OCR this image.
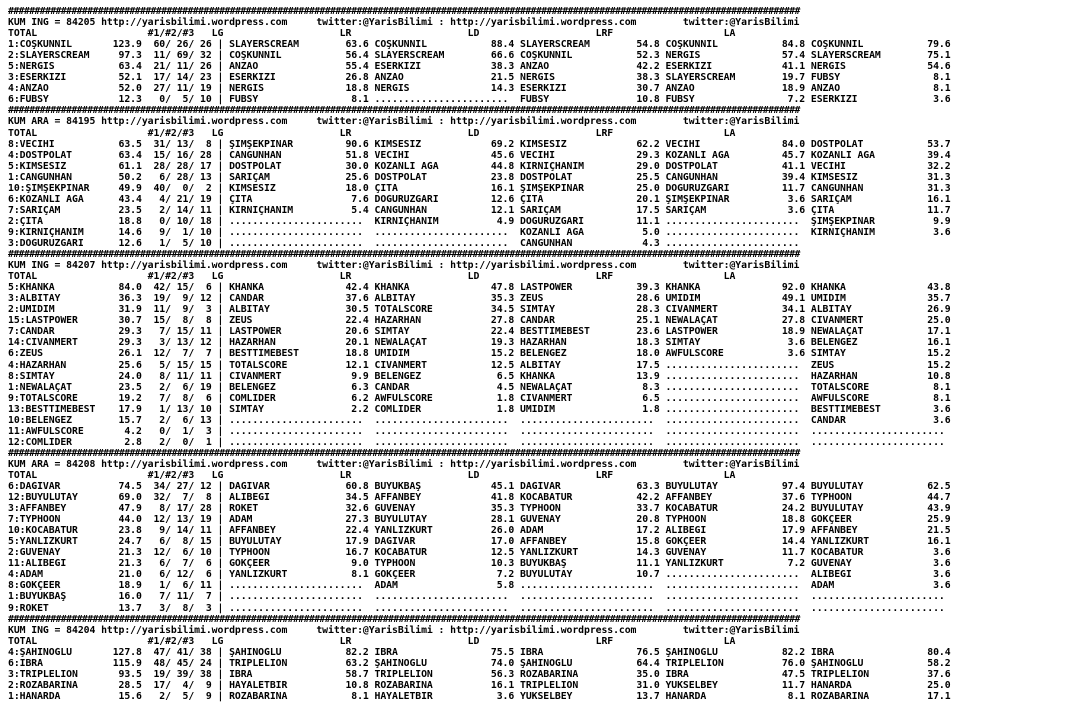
######################################################################################################################################################
KUM ING = 84205 http://yarisbilimi.wordpress.com     twitter:@YarisBilimi : http://yarisbilimi.wordpress.com        twitter:@YarisBilimi
TOTAL                   #1/#2/#3   LG                    LR                    LD                    LRF                   LA
1:COŞKUNNİL       123.9  60/ 26/ 26 | SLAYERSCREAM        63.6 COŞKUNNİL           88.4 SLAYERSCREAM        54.8 COŞKUNNİL           84.8 COŞKUNNİL           79.6
2:SLAYERSCREAM     97.3  11/ 69/ 32 | COŞKUNNİL           56.4 SLAYERSCREAM        66.6 COŞKUNNİL           52.3 NERGİS              57.4 SLAYERSCREAM        75.1
5:NERGİS           63.4  21/ 11/ 26 | ANZAO               55.4 ESERKIZI            38.3 ANZAO               42.2 ESERKIZI            41.1 NERGİS              54.6
3:ESERKIZI         52.1  17/ 14/ 23 | ESERKIZI            26.8 ANZAO               21.5 NERGİS              38.3 SLAYERSCREAM        19.7 FUBSY                8.1
4:ANZAO            52.0  27/ 11/ 19 | NERGİS              18.8 NERGİS              14.3 ESERKIZI            30.7 ANZAO               18.9 ANZAO                8.1
6:FUBSY            12.3   0/  5/ 10 | FUBSY                8.1 .......................  FUBSY               10.8 FUBSY                7.2 ESERKIZI             3.6
######################################################################################################################################################
KUM ARA = 84195 http://yarisbilimi.wordpress.com     twitter:@YarisBilimi : http://yarisbilimi.wordpress.com        twitter:@YarisBilimi
TOTAL                   #1/#2/#3   LG                    LR                    LD                    LRF                   LA
8:VECİHİ           63.5  31/ 13/  8 | ŞİMŞEKPINAR         90.6 KİMSESİZ            69.2 KİMSESİZ            62.2 VECİHİ              84.0 DOSTPOLAT           53.7
4:DOSTPOLAT        63.4  15/ 16/ 28 | CANGÜNHAN           51.8 VECİHİ              45.6 VECİHİ              29.3 KOZANLI AĞA         45.7 KOZANLI AĞA         39.4
5:KİMSESİZ         61.1  28/ 28/ 17 | DOSTPOLAT           30.0 KOZANLI AĞA         44.8 KIRNIÇHANIM         29.0 DOSTPOLAT           41.1 VECİHİ              32.2
1:CANGÜNHAN        50.2   6/ 28/ 13 | SARIÇAM             25.6 DOSTPOLAT           23.8 DOSTPOLAT           25.5 CANGÜNHAN           39.4 KİMSESİZ            31.3
10:ŞİMŞEKPINAR     49.9  40/  0/  2 | KİMSESİZ            18.0 ÇİTA                16.1 ŞİMŞEKPINAR         25.0 DOĞURÜZGARI         11.7 CANGÜNHAN           31.3
6:KOZANLI AĞA      43.4   4/ 21/ 19 | ÇİTA                 7.6 DOĞURÜZGARI         12.6 ÇİTA                20.1 ŞİMŞEKPINAR          3.6 SARIÇAM             16.1
7:SARIÇAM          23.5   2/ 14/ 11 | KIRNIÇHANIM          5.4 CANGÜNHAN           12.1 SARIÇAM             17.5 SARIÇAM              3.6 ÇİTA                11.7
2:ÇİTA             18.8   0/ 10/ 18 | .......................  KIRNIÇHANIM          4.9 DOĞURÜZGARI         11.1 .......................  ŞİMŞEKPINAR          9.9
9:KIRNIÇHANIM      14.6   9/  1/ 10 | .......................  .......................  KOZANLI AĞA          5.0 .......................  KIRNIÇHANIM          3.6
3:DOĞURÜZGARI      12.6   1/  5/ 10 | .......................  .......................  CANGÜNHAN            4.3 .......................
######################################################################################################################################################
KUM ING = 84207 http://yarisbilimi.wordpress.com     twitter:@YarisBilimi : http://yarisbilimi.wordpress.com        twitter:@YarisBilimi
TOTAL                   #1/#2/#3   LG                    LR                    LD                    LRF                   LA
5:KHANKA           84.0  42/ 15/  6 | KHANKA              42.4 KHANKA              47.8 LASTPOWER           39.3 KHANKA              92.0 KHANKA              43.8
3:ALBİTAY          36.3  19/  9/ 12 | CANDAR              37.6 ALBİTAY             35.3 ZEUS                28.6 ÜMİDİM              49.1 ÜMİDİM              35.7
2:ÜMİDİM           31.9  11/  9/  3 | ALBİTAY             30.5 TOTALSCORE          34.5 SİMTAY              28.3 CİVANMERT           34.1 ALBİTAY             26.9
15:LASTPOWER       30.7  15/  8/  8 | ZEUS                22.4 HAZARHAN            27.8 CANDAR              25.1 NEWALAÇAT           27.8 CİVANMERT           25.0
7:CANDAR           29.3   7/ 15/ 11 | LASTPOWER           20.6 SİMTAY              22.4 BESTTIMEBEST        23.6 LASTPOWER           18.9 NEWALAÇAT           17.1
14:CİVANMERT       29.3   3/ 13/ 12 | HAZARHAN            20.1 NEWALAÇAT           19.3 HAZARHAN            18.3 SİMTAY               3.6 BELENGEZ            16.1
6:ZEUS             26.1  12/  7/  7 | BESTTIMEBEST        18.8 ÜMİDİM              15.2 BELENGEZ            18.0 AWFULSCORE           3.6 SİMTAY              15.2
4:HAZARHAN         25.6   5/ 15/ 15 | TOTALSCORE          12.1 CİVANMERT           12.5 ALBİTAY             17.5 .......................  ZEUS                15.2
8:SİMTAY           24.0   8/ 11/ 11 | CİVANMERT            9.9 BELENGEZ             6.5 KHANKA              13.9 .......................  HAZARHAN            10.8
1:NEWALAÇAT        23.5   2/  6/ 19 | BELENGEZ             6.3 CANDAR               4.5 NEWALAÇAT            8.3 .......................  TOTALSCORE           8.1
9:TOTALSCORE       19.2   7/  8/  6 | COMLİDER             6.2 AWFULSCORE           1.8 CİVANMERT            6.5 .......................  AWFULSCORE           8.1
13:BESTTIMEBEST    17.9   1/ 13/ 10 | SİMTAY               2.2 COMLİDER             1.8 ÜMİDİM               1.8 .......................  BESTTIMEBEST         3.6
10:BELENGEZ        15.7   2/  6/ 13 | .......................  .......................  .......................  .......................  CANDAR               3.6
11:AWFULSCORE       4.2   0/  1/  3 | .......................  .......................  .......................  .......................  .......................
12:COMLİDER         2.8   2/  0/  1 | .......................  .......................  .......................  .......................  .......................
######################################################################################################################################################
KUM ARA = 84208 http://yarisbilimi.wordpress.com     twitter:@YarisBilimi : http://yarisbilimi.wordpress.com        twitter:@YarisBilimi
TOTAL                   #1/#2/#3   LG                    LR                    LD                    LRF                   LA
6:DAĞIVAR          74.5  34/ 27/ 12 | DAĞIVAR             60.8 BÜYÜKBAŞ            45.1 DAĞIVAR             63.3 BÜYÜLÜTAY           97.4 BÜYÜLÜTAY           62.5
12:BÜYÜLÜTAY       69.0  32/  7/  8 | ALİBEGİ             34.5 AFFANBEY            41.8 KOCABATUR           42.2 AFFANBEY            37.6 TYPHOON             44.7
3:AFFANBEY         47.9   8/ 17/ 28 | ROKET               32.6 GÜVENAY             35.3 TYPHOON             33.7 KOCABATUR           24.2 BÜYÜLÜTAY           43.9
7:TYPHOON          44.0  12/ 13/ 19 | ADAM                27.3 BÜYÜLÜTAY           28.1 GÜVENAY             20.8 TYPHOON             18.8 GÖKÇEER             25.9
10:KOCABATUR       23.8   9/ 14/ 11 | AFFANBEY            22.4 YANLIZKURT          26.0 ADAM                17.2 ALİBEGİ             17.9 AFFANBEY            21.5
5:YANLIZKURT       24.7   6/  8/ 15 | BÜYÜLÜTAY           17.9 DAĞIVAR             17.0 AFFANBEY            15.8 GÖKÇEER             14.4 YANLIZKURT          16.1
2:GÜVENAY          21.3  12/  6/ 10 | TYPHOON             16.7 KOCABATUR           12.5 YANLIZKURT          14.3 GÜVENAY             11.7 KOCABATUR            3.6
11:ALİBEGİ         21.3   6/  7/  6 | GÖKÇEER              9.0 TYPHOON             10.3 BÜYÜKBAŞ            11.1 YANLIZKURT           7.2 GÜVENAY              3.6
4:ADAM             21.0   6/ 12/  6 | YANLIZKURT           8.1 GÖKÇEER              7.2 BÜYÜLÜTAY           10.7 .......................  ALİBEGİ              3.6
8:GÖKÇEER          18.9   1/  6/ 11 | .......................  ADAM                 5.8 .......................  .......................  ADAM                 3.6
1:BÜYÜKBAŞ         16.0   7/ 11/  7 | .......................  .......................  .......................  .......................  .......................
9:ROKET            13.7   3/  8/  3 | .......................  .......................  .......................  .......................  .......................
######################################################################################################################################################
KUM ING = 84204 http://yarisbilimi.wordpress.com     twitter:@YarisBilimi : http://yarisbilimi.wordpress.com        twitter:@YarisBilimi
TOTAL                   #1/#2/#3   LG                    LR                    LD                    LRF                   LA
4:ŞAHİNOĞLU       127.8  47/ 41/ 38 | ŞAHİNOĞLU           82.2 İBRA                75.5 İBRA                76.5 ŞAHİNOĞLU           82.2 İBRA                80.4
6:İBRA            115.9  48/ 45/ 24 | TRIPLELION          63.2 ŞAHİNOĞLU           74.0 ŞAHİNOĞLU           64.4 TRIPLELION          76.0 ŞAHİNOĞLU           58.2
3:TRIPLELION       93.5  19/ 39/ 38 | İBRA                58.7 TRIPLELION          56.3 ROZABARINA          35.0 İBRA                47.5 TRIPLELION          37.6
2:ROZABARINA       28.5  17/  4/  9 | HAYALETBİR          10.8 ROZABARINA          16.1 TRIPLELION          31.0 YÜKSELBEY           11.7 HANARDA             25.0
1:HANARDA          15.6   2/  5/  9 | ROZABARINA           8.1 HAYALETBİR           3.6 YÜKSELBEY           13.7 HANARDA              8.1 ROZABARINA          17.1
